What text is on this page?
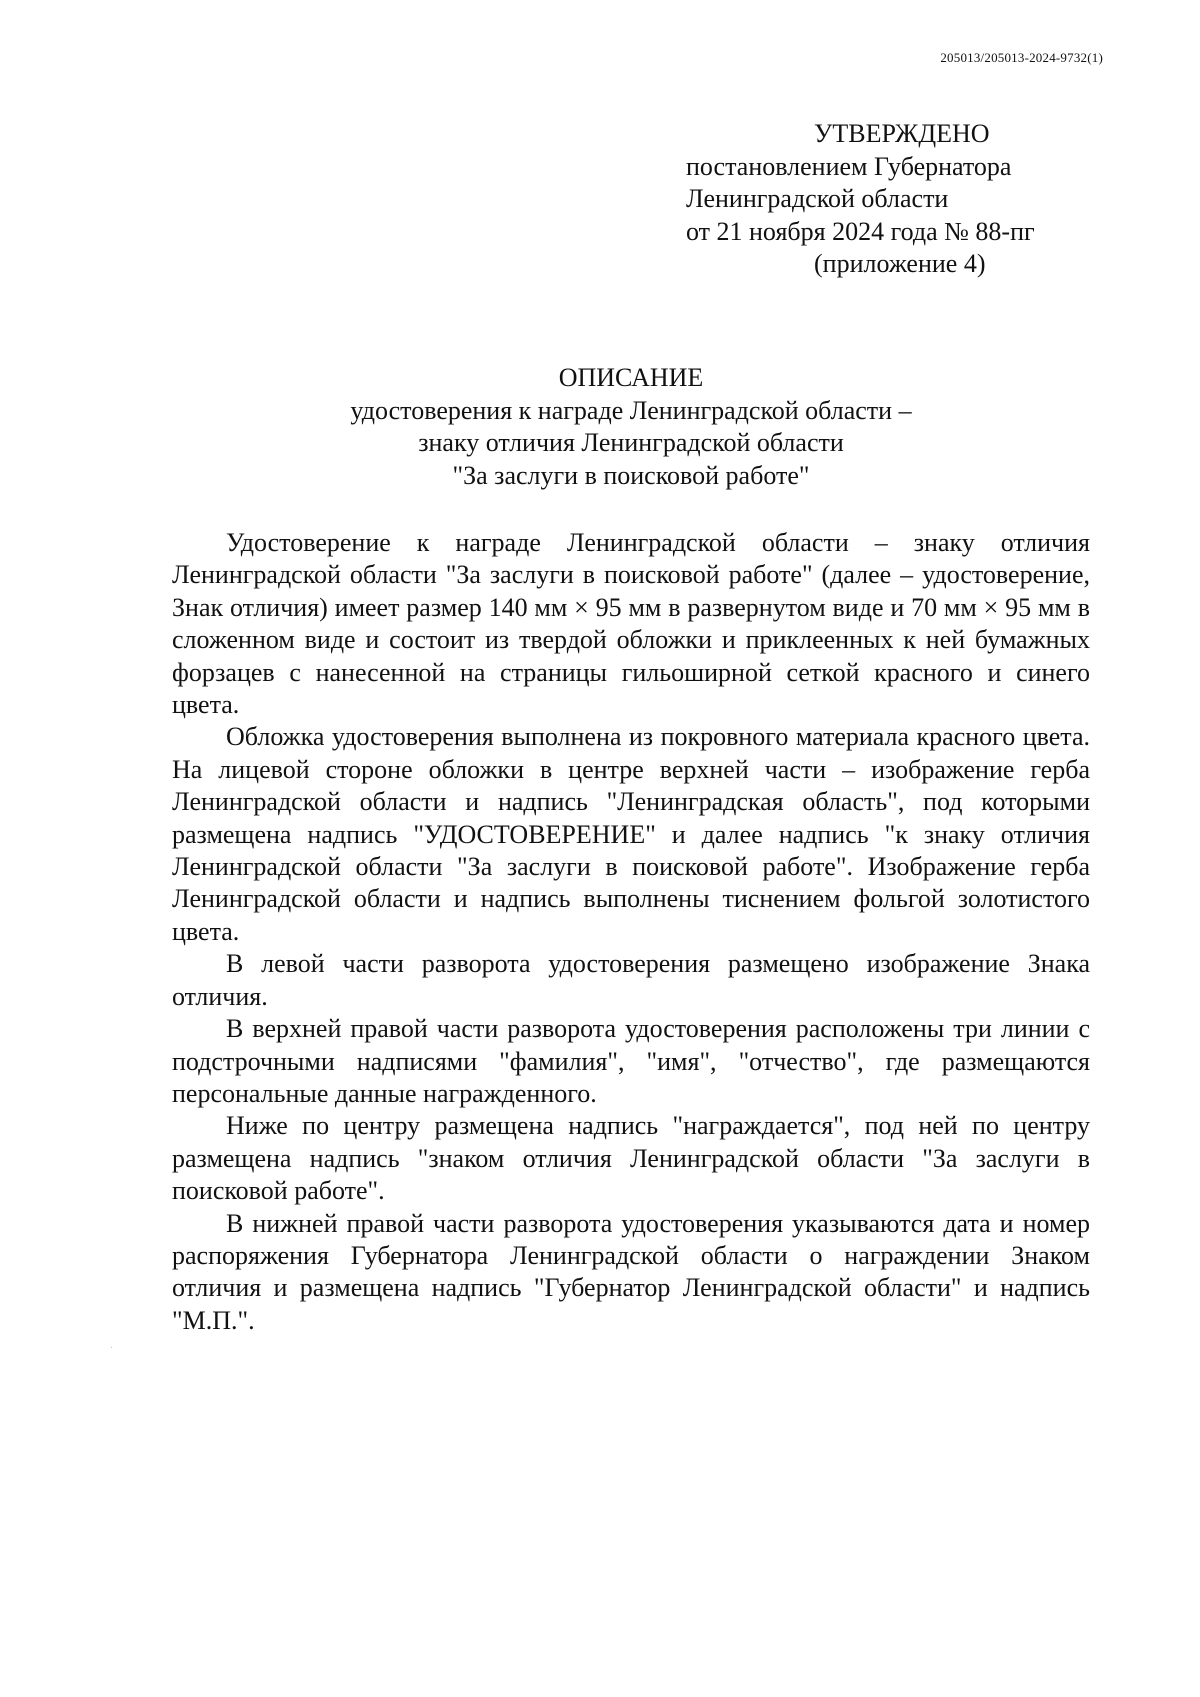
205013/205013-2024-9732(1)
УТВЕРЖДЕНО
постановлением Губернатора
Ленинградской области
от 21 ноября 2024 года № 88-пг
(приложение 4)
ОПИСАНИЕ
удостоверения к награде Ленинградской области –
знаку отличия Ленинградской области
"За заслуги в поисковой работе"

Удостоверение к награде Ленинградской области – знаку отличия Ленинградской области "За заслуги в поисковой работе" (далее – удостоверение, Знак отличия) имеет размер 140 мм × 95 мм в развернутом виде и 70 мм × 95 мм в сложенном виде и состоит из твердой обложки и приклеенных к ней бумажных форзацев с нанесенной на страницы гильоширной сеткой красного и синего цвета.

Обложка удостоверения выполнена из покровного материала красного цвета. На лицевой стороне обложки в центре верхней части – изображение герба Ленинградской области и надпись "Ленинградская область", под которыми размещена надпись "УДОСТОВЕРЕНИЕ" и далее надпись "к знаку отличия Ленинградской области "За заслуги в поисковой работе". Изображение герба Ленинградской области и надпись выполнены тиснением фольгой золотистого цвета.

В левой части разворота удостоверения размещено изображение Знака отличия.

В верхней правой части разворота удостоверения расположены три линии с подстрочными надписями "фамилия", "имя", "отчество", где размещаются персональные данные награжденного.

Ниже по центру размещена надпись "награждается", под ней по центру размещена надпись "знаком отличия Ленинградской области "За заслуги в поисковой работе".

В нижней правой части разворота удостоверения указываются дата и номер распоряжения Губернатора Ленинградской области о награждении Знаком отличия и размещена надпись "Губернатор Ленинградской области" и надпись "М.П.".
